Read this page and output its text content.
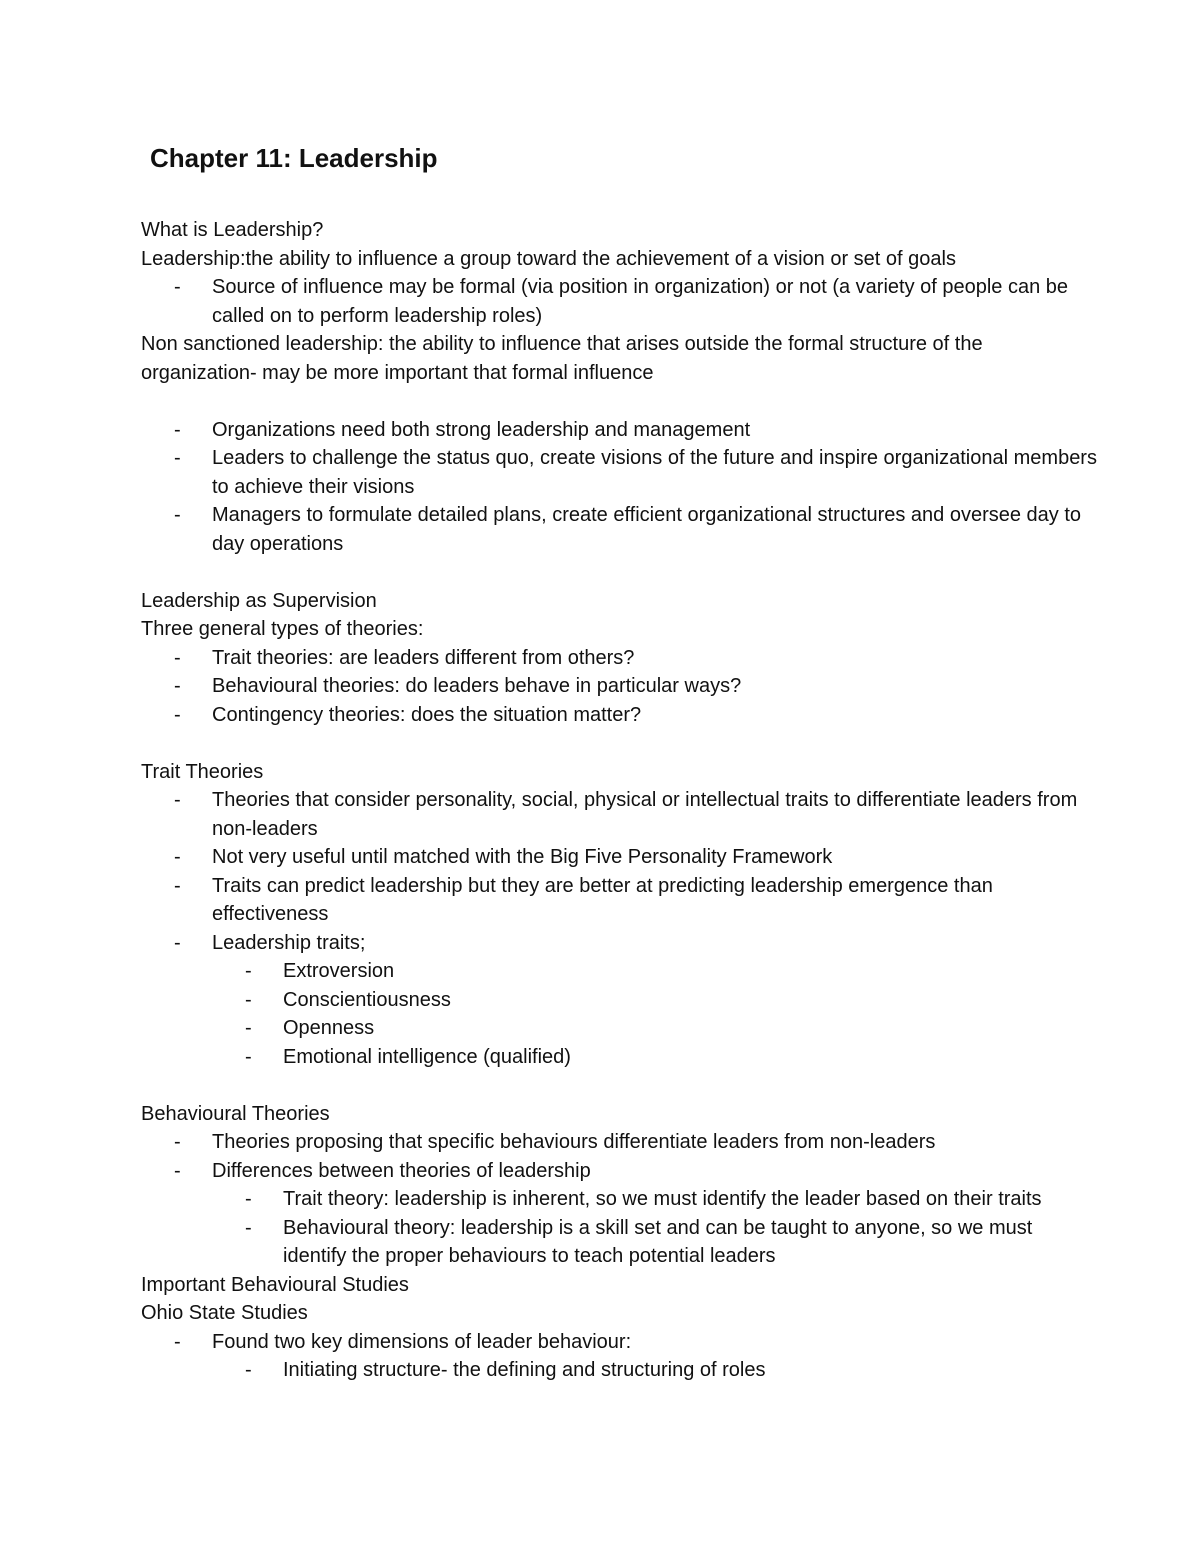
Chapter 11: Leadership

What is Leadership?

Leadership:the ability to influence a group toward the achievement of a vision or set of goals

- Source of influence may be formal (via position in organization) or not (a variety of people can be called on to perform leadership roles)

Non sanctioned leadership: the ability to influence that arises outside the formal structure of the organization- may be more important that formal influence

- Organizations need both strong leadership and management
- Leaders to challenge the status quo, create visions of the future and inspire organizational members to achieve their visions
- Managers to formulate detailed plans, create efficient organizational structures and oversee day to day operations

Leadership as Supervision

Three general types of theories:

- Trait theories: are leaders different from others?
- Behavioural theories: do leaders behave in particular ways?
- Contingency theories: does the situation matter?

Trait Theories

- Theories that consider personality, social, physical or intellectual traits to differentiate leaders from non-leaders
- Not very useful until matched with the Big Five Personality Framework
- Traits can predict leadership but they are better at predicting leadership emergence than effectiveness
- Leadership traits;
- Extroversion
- Conscientiousness
- Openness
- Emotional intelligence (qualified)

Behavioural Theories

- Theories proposing that specific behaviours differentiate leaders from non-leaders
- Differences between theories of leadership
- Trait theory: leadership is inherent, so we must identify the leader based on their traits
- Behavioural theory: leadership is a skill set and can be taught to anyone, so we must identify the proper behaviours to teach potential leaders

Important Behavioural Studies

Ohio State Studies

- Found two key dimensions of leader behaviour:
- Initiating structure- the defining and structuring of roles
